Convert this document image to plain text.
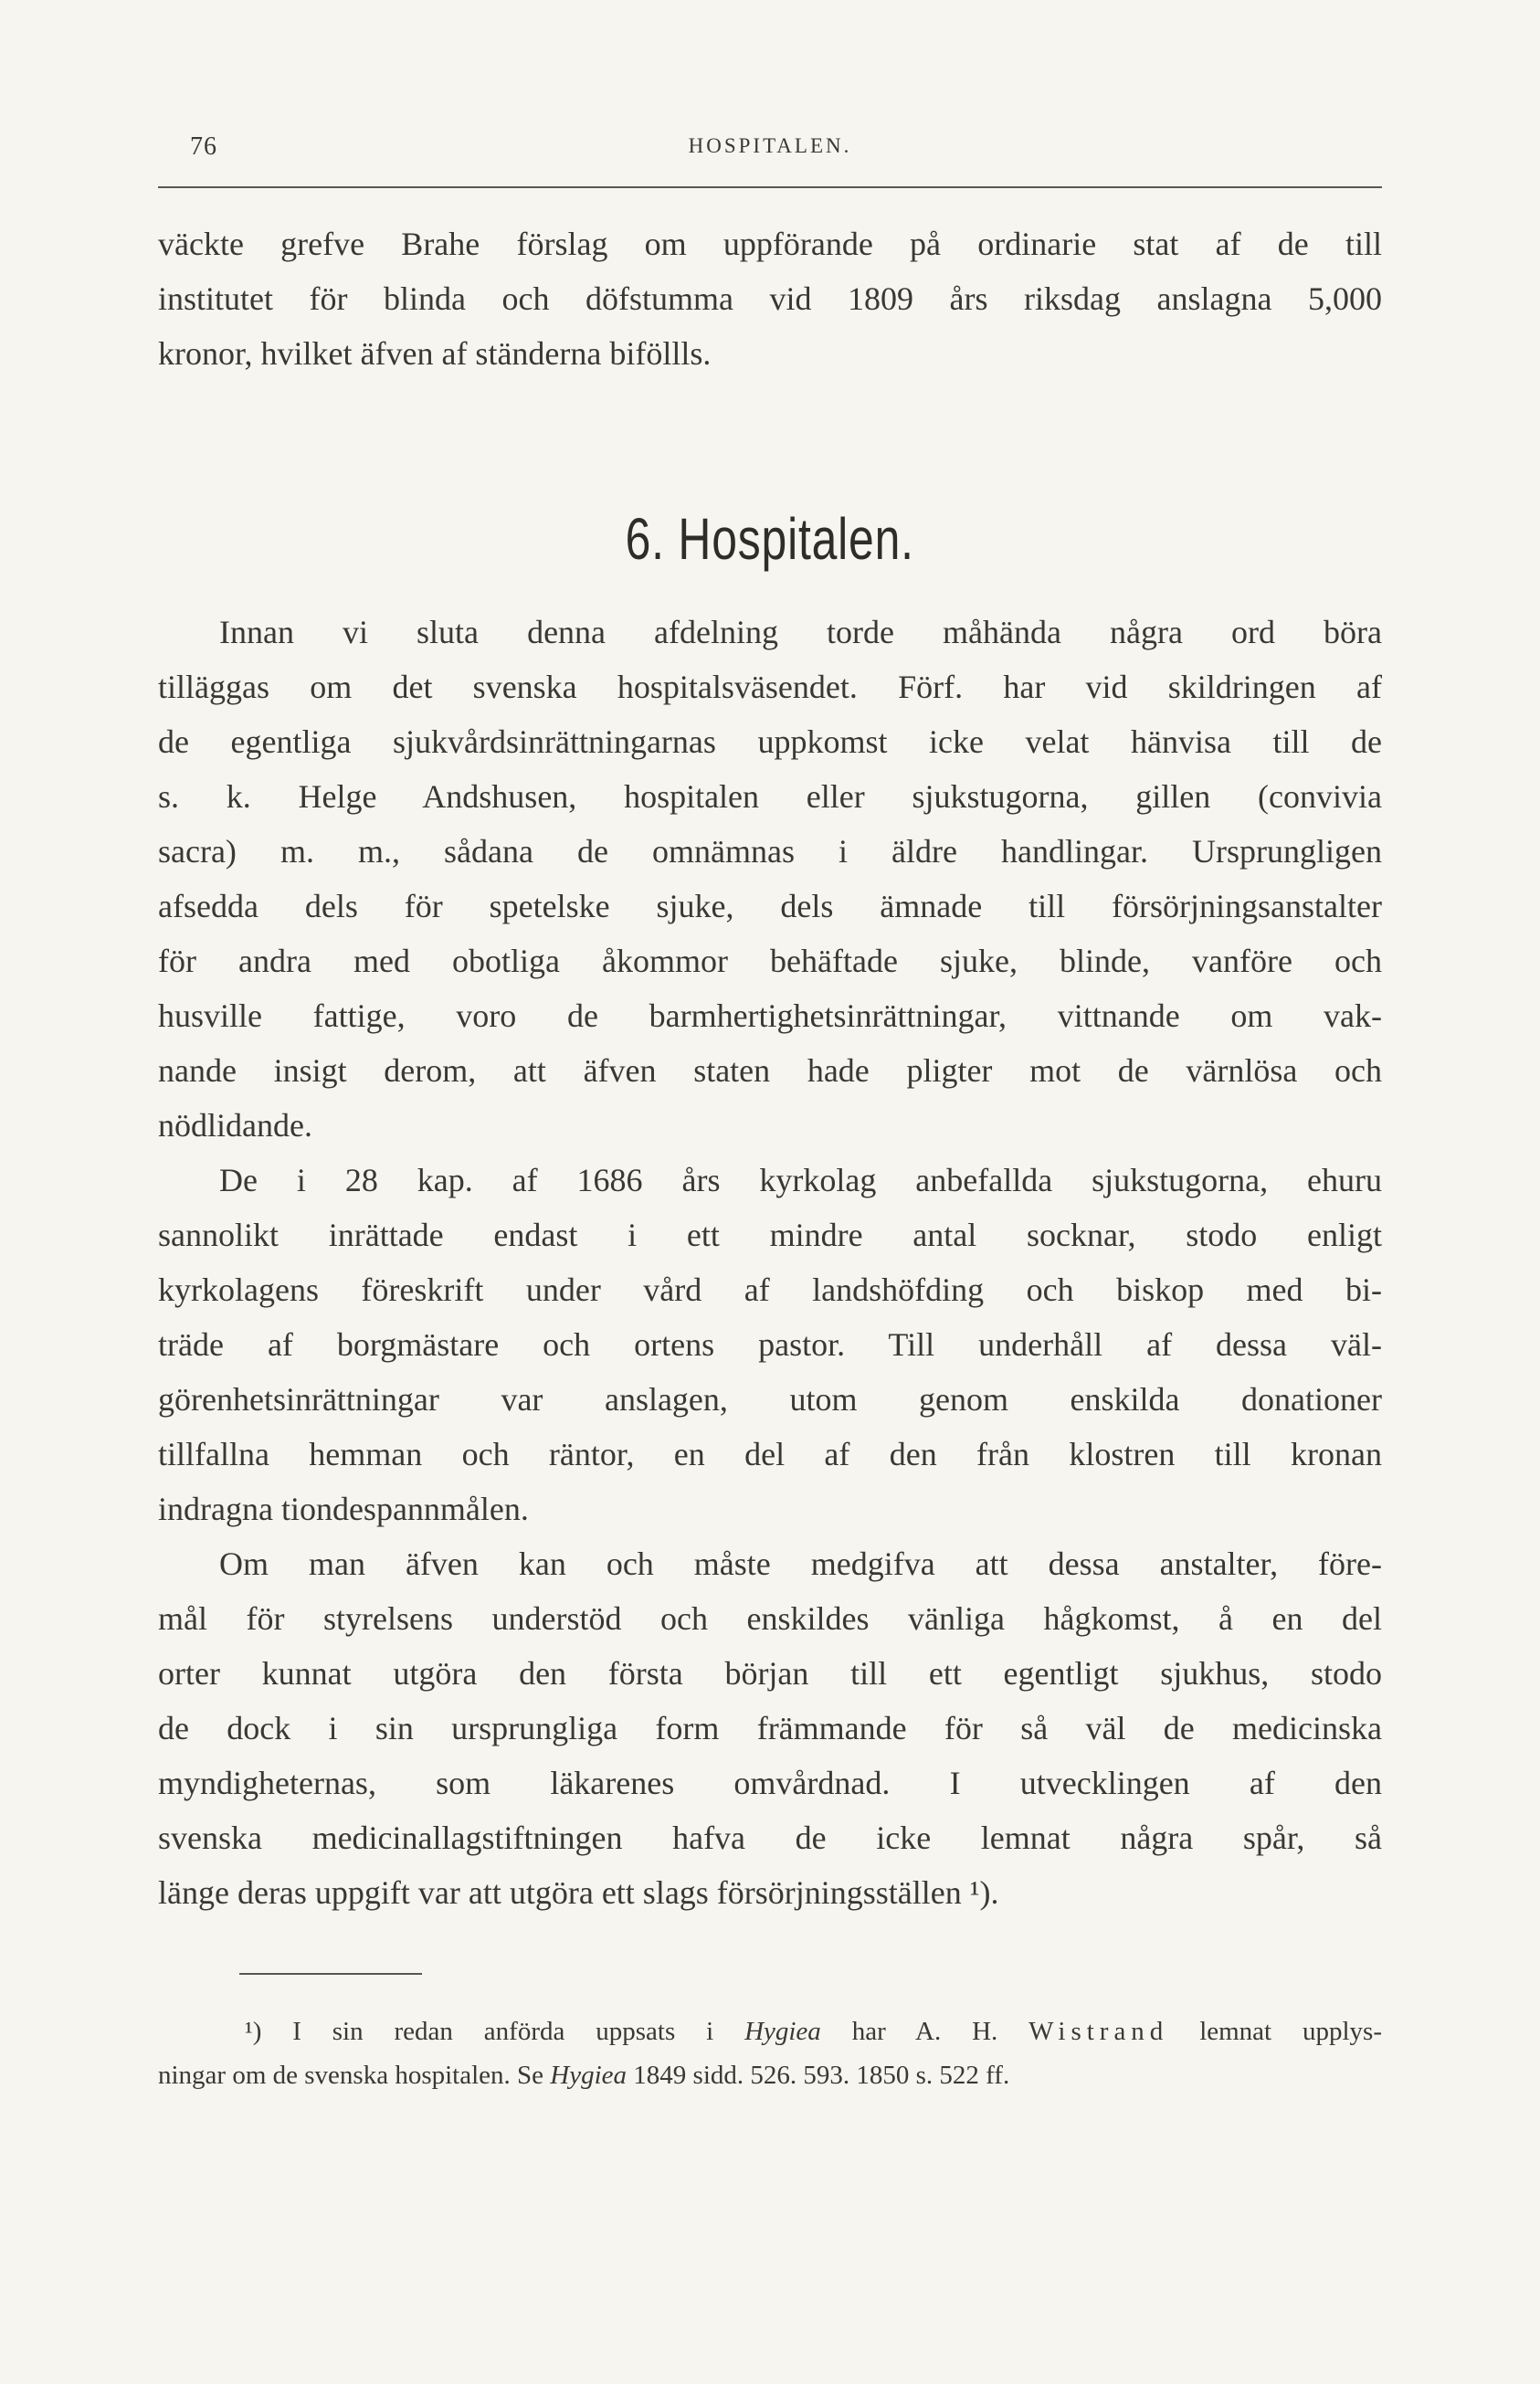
76	HOSPITALEN.
väckte grefve Brahe förslag om uppförande på ordinarie stat af de till
institutet för blinda och döfstumma vid 1809 års riksdag anslagna 5,000
kronor, hvilket äfven af ständerna biföllls.
6. Hospitalen.
Innan vi sluta denna afdelning torde måhända några ord böra
tilläggas om det svenska hospitalsväsendet. Förf. har vid skildringen af
de egentliga sjukvårdsinrättningarnas uppkomst icke velat hänvisa till de
s. k. Helge Andshusen, hospitalen eller sjukstugorna, gillen (convivia
sacra) m. m., sådana de omnämnas i äldre handlingar. Ursprungligen
afsedda dels för spetelske sjuke, dels ämnade till försörjningsanstalter
för andra med obotliga åkommor behäftade sjuke, blinde, vanföre och
husville fattige, voro de barmhertighetsinrättningar, vittnande om vak-
nande insigt derom, att äfven staten hade pligter mot de värnlösa och
nödlidande.
De i 28 kap. af 1686 års kyrkolag anbefallda sjukstugorna, ehuru
sannolikt inrättade endast i ett mindre antal socknar, stodo enligt
kyrkolagens föreskrift under vård af landshöfding och biskop med bi-
träde af borgmästare och ortens pastor. Till underhåll af dessa väl-
görenhetsinrättningar var anslagen, utom genom enskilda donationer
tillfallna hemman och räntor, en del af den från klostren till kronan
indragna tiondespannmålen.
Om man äfven kan och måste medgifva att dessa anstalter, före-
mål för styrelsens understöd och enskildes vänliga hågkomst, å en del
orter kunnat utgöra den första början till ett egentligt sjukhus, stodo
de dock i sin ursprungliga form främmande för så väl de medicinska
myndigheternas, som läkarenes omvårdnad. I utvecklingen af den
svenska medicinallagstiftningen hafva de icke lemnat några spår, så
länge deras uppgift var att utgöra ett slags försörjningsställen ¹).
¹) I sin redan anförda uppsats i Hygiea har A. H. Wistrand lemnat upplys-
ningar om de svenska hospitalen. Se Hygiea 1849 sidd. 526. 593. 1850 s. 522 ff.
